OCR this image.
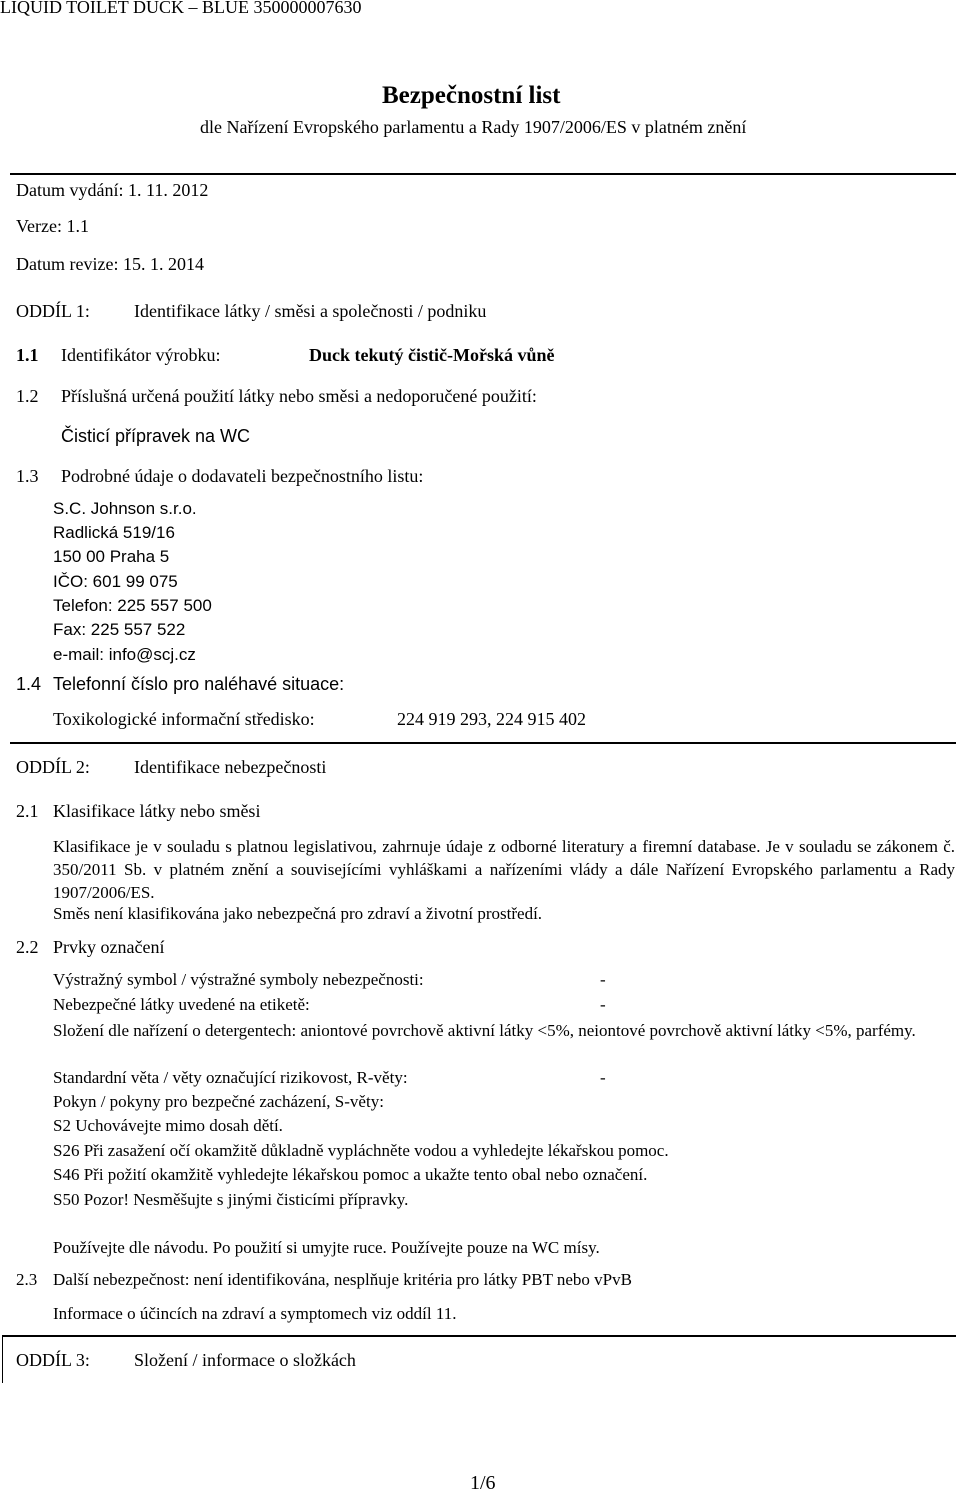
LIQUID TOILET DUCK – BLUE 350000007630
Bezpečnostní list
dle Nařízení Evropského parlamentu a Rady 1907/2006/ES v platném znění
Datum vydání: 1. 11. 2012
Verze: 1.1
Datum revize: 15. 1. 2014
ODDÍL 1: Identifikace látky / směsi a společnosti / podniku
1.1 Identifikátor výrobku:	Duck tekutý čistič-Mořská vůně
1.2 Příslušná určená použití látky nebo směsi a nedoporučené použití:
Čisticí přípravek na WC
1.3 Podrobné údaje o dodavateli bezpečnostního listu:
S.C. Johnson s.r.o.
Radlická 519/16
150 00 Praha 5
IČO: 601 99 075
Telefon: 225 557 500
Fax: 225 557 522
e-mail: info@scj.cz
1.4 Telefonní číslo pro naléhavé situace:
Toxikologické informační středisko:	224 919 293, 224 915 402
ODDÍL 2: Identifikace nebezpečnosti
2.1 Klasifikace látky nebo směsi
Klasifikace je v souladu s platnou legislativou, zahrnuje údaje z odborné literatury a firemní database. Je v souladu se zákonem č. 350/2011 Sb. v platném znění a souvisejícími vyhláškami a nařízeními vlády a dále Nařízení Evropského parlamentu a Rady 1907/2006/ES.
Směs není klasifikována jako nebezpečná pro zdraví a životní prostředí.
2.2 Prvky označení
Výstražný symbol / výstražné symboly nebezpečnosti:	-
Nebezpečné látky uvedené na etiketě:	-
Složení dle nařízení o detergentech: aniontové povrchově aktivní látky <5%, neiontové povrchově aktivní látky <5%, parfémy.
Standardní věta / věty označující rizikovost, R-věty:	-
Pokyn / pokyny pro bezpečné zacházení, S-věty:
S2 Uchovávejte mimo dosah dětí.
S26 Při zasažení očí okamžitě důkladně vypláchněte vodou a vyhledejte lékařskou pomoc.
S46 Při požití okamžitě vyhledejte lékařskou pomoc a ukažte tento obal nebo označení.
S50 Pozor! Nesměšujte s jinými čisticími přípravky.
Používejte dle návodu. Po použití si umyjte ruce. Používejte pouze na WC mísy.
2.3 Další nebezpečnost: není identifikována, nesplňuje kritéria pro látky PBT nebo vPvB
Informace o účincích na zdraví a symptomech viz oddíl 11.
ODDÍL 3: Složení / informace o složkách
1/6
